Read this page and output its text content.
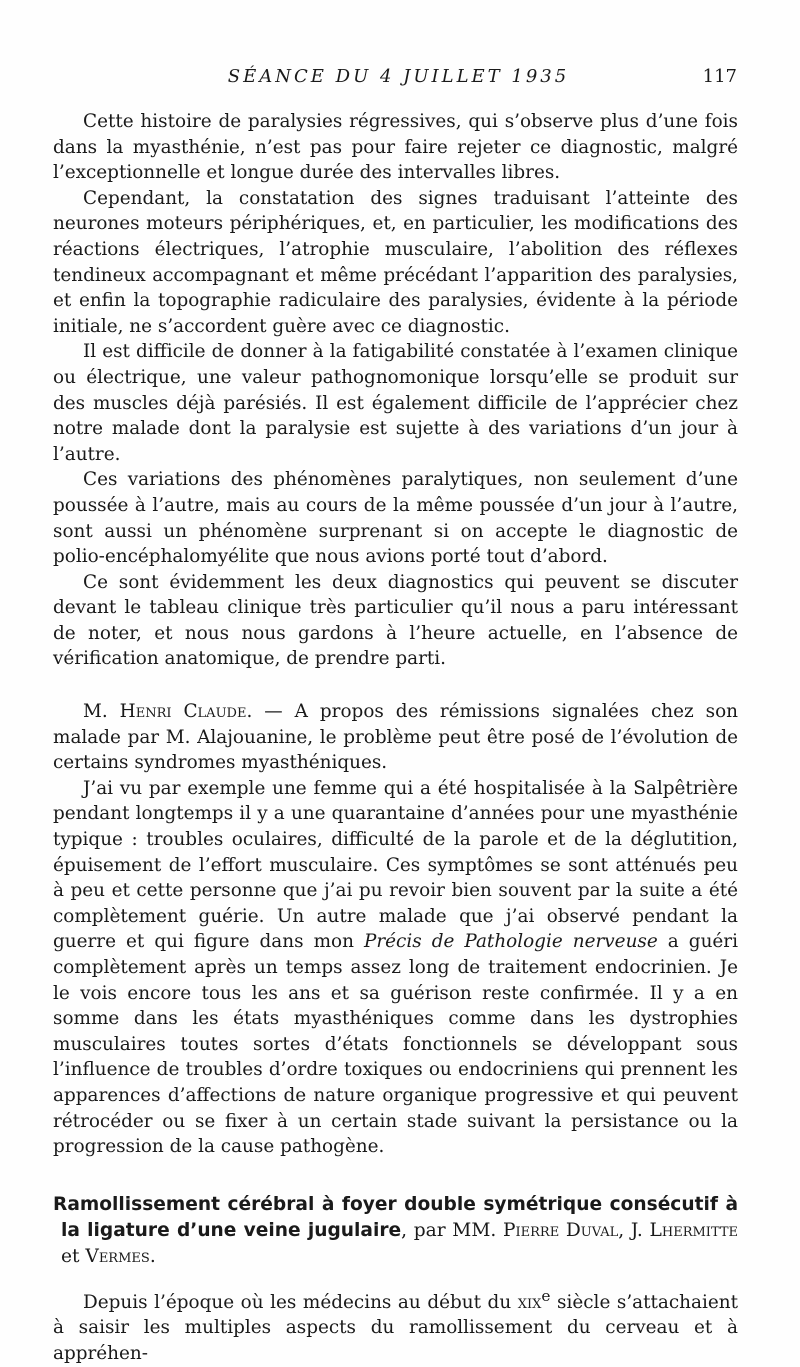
SÉANCE DU 4 JUILLET 1935	117

Cette histoire de paralysies régressives, qui s’observe plus d’une fois dans la myasthénie, n’est pas pour faire rejeter ce diagnostic, malgré l’exceptionnelle et longue durée des intervalles libres.

Cependant, la constatation des signes traduisant l’atteinte des neurones moteurs périphériques, et, en particulier, les modifications des réactions électriques, l’atrophie musculaire, l’abolition des réflexes tendineux accompagnant et même précédant l’apparition des paralysies, et enfin la topographie radiculaire des paralysies, évidente à la période initiale, ne s’accordent guère avec ce diagnostic.

Il est difficile de donner à la fatigabilité constatée à l’examen clinique ou électrique, une valeur pathognomonique lorsqu’elle se produit sur des muscles déjà parésiés. Il est également difficile de l’apprécier chez notre malade dont la paralysie est sujette à des variations d’un jour à l’autre.

Ces variations des phénomènes paralytiques, non seulement d’une poussée à l’autre, mais au cours de la même poussée d’un jour à l’autre, sont aussi un phénomène surprenant si on accepte le diagnostic de polio-encéphalomyélite que nous avions porté tout d’abord.

Ce sont évidemment les deux diagnostics qui peuvent se discuter devant le tableau clinique très particulier qu’il nous a paru intéressant de noter, et nous nous gardons à l’heure actuelle, en l’absence de vérification anatomique, de prendre parti.

M. Henri Claude. — A propos des rémissions signalées chez son malade par M. Alajouanine, le problème peut être posé de l’évolution de certains syndromes myasthéniques.

J’ai vu par exemple une femme qui a été hospitalisée à la Salpêtrière pendant longtemps il y a une quarantaine d’années pour une myasthénie typique : troubles oculaires, difficulté de la parole et de la déglutition, épuisement de l’effort musculaire. Ces symptômes se sont atténués peu à peu et cette personne que j’ai pu revoir bien souvent par la suite a été complètement guérie. Un autre malade que j’ai observé pendant la guerre et qui figure dans mon Précis de Pathologie nerveuse a guéri complètement après un temps assez long de traitement endocrinien. Je le vois encore tous les ans et sa guérison reste confirmée. Il y a en somme dans les états myasthéniques comme dans les dystrophies musculaires toutes sortes d’états fonctionnels se développant sous l’influence de troubles d’ordre toxiques ou endocriniens qui prennent les apparences d’affections de nature organique progressive et qui peuvent rétrocéder ou se fixer à un certain stade suivant la persistance ou la progression de la cause pathogène.

Ramollissement cérébral à foyer double symétrique consécutif à la ligature d’une veine jugulaire, par MM. Pierre Duval, J. Lhermitte et Vermes.

Depuis l’époque où les médecins au début du xix$^e$ siècle s’attachaient à saisir les multiples aspects du ramollissement du cerveau et à appréhen-
